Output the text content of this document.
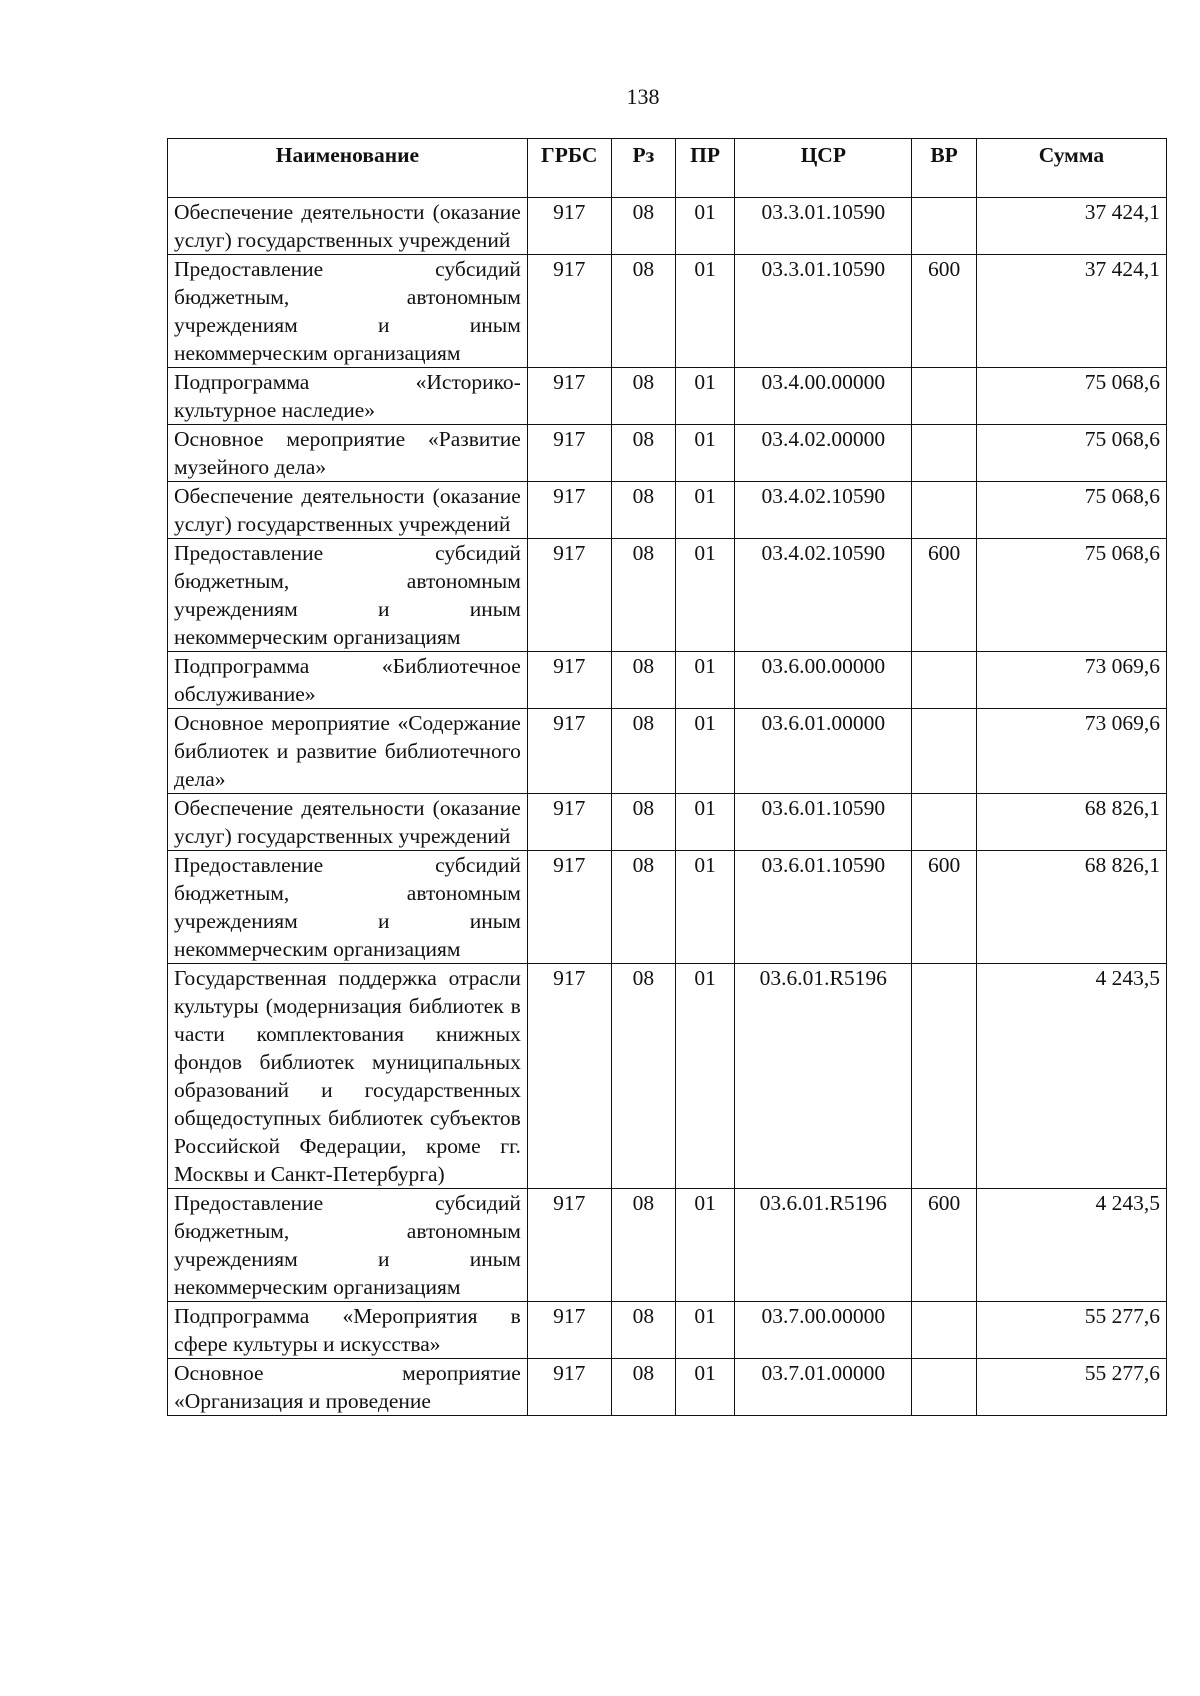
138
Наименование	ГРБС	Рз	ПР	ЦСР	ВР	Сумма
Обеспечение деятельности (оказание услуг) государственных учреждений	917	08	01	03.3.01.10590		37 424,1
Предоставление субсидий бюджетным, автономным учреждениям и иным некоммерческим организациям	917	08	01	03.3.01.10590	600	37 424,1
Подпрограмма «Историко-культурное наследие»	917	08	01	03.4.00.00000		75 068,6
Основное мероприятие «Развитие музейного дела»	917	08	01	03.4.02.00000		75 068,6
Обеспечение деятельности (оказание услуг) государственных учреждений	917	08	01	03.4.02.10590		75 068,6
Предоставление субсидий бюджетным, автономным учреждениям и иным некоммерческим организациям	917	08	01	03.4.02.10590	600	75 068,6
Подпрограмма «Библиотечное обслуживание»	917	08	01	03.6.00.00000		73 069,6
Основное мероприятие «Содержание библиотек и развитие библиотечного дела»	917	08	01	03.6.01.00000		73 069,6
Обеспечение деятельности (оказание услуг) государственных учреждений	917	08	01	03.6.01.10590		68 826,1
Предоставление субсидий бюджетным, автономным учреждениям и иным некоммерческим организациям	917	08	01	03.6.01.10590	600	68 826,1
Государственная поддержка отрасли культуры (модернизация библиотек в части комплектования книжных фондов библиотек муниципальных образований и государственных общедоступных библиотек субъектов Российской Федерации, кроме гг. Москвы и Санкт-Петербурга)	917	08	01	03.6.01.R5196		4 243,5
Предоставление субсидий бюджетным, автономным учреждениям и иным некоммерческим организациям	917	08	01	03.6.01.R5196	600	4 243,5
Подпрограмма «Мероприятия в сфере культуры и искусства»	917	08	01	03.7.00.00000		55 277,6
Основное мероприятие «Организация и проведение	917	08	01	03.7.01.00000		55 277,6
